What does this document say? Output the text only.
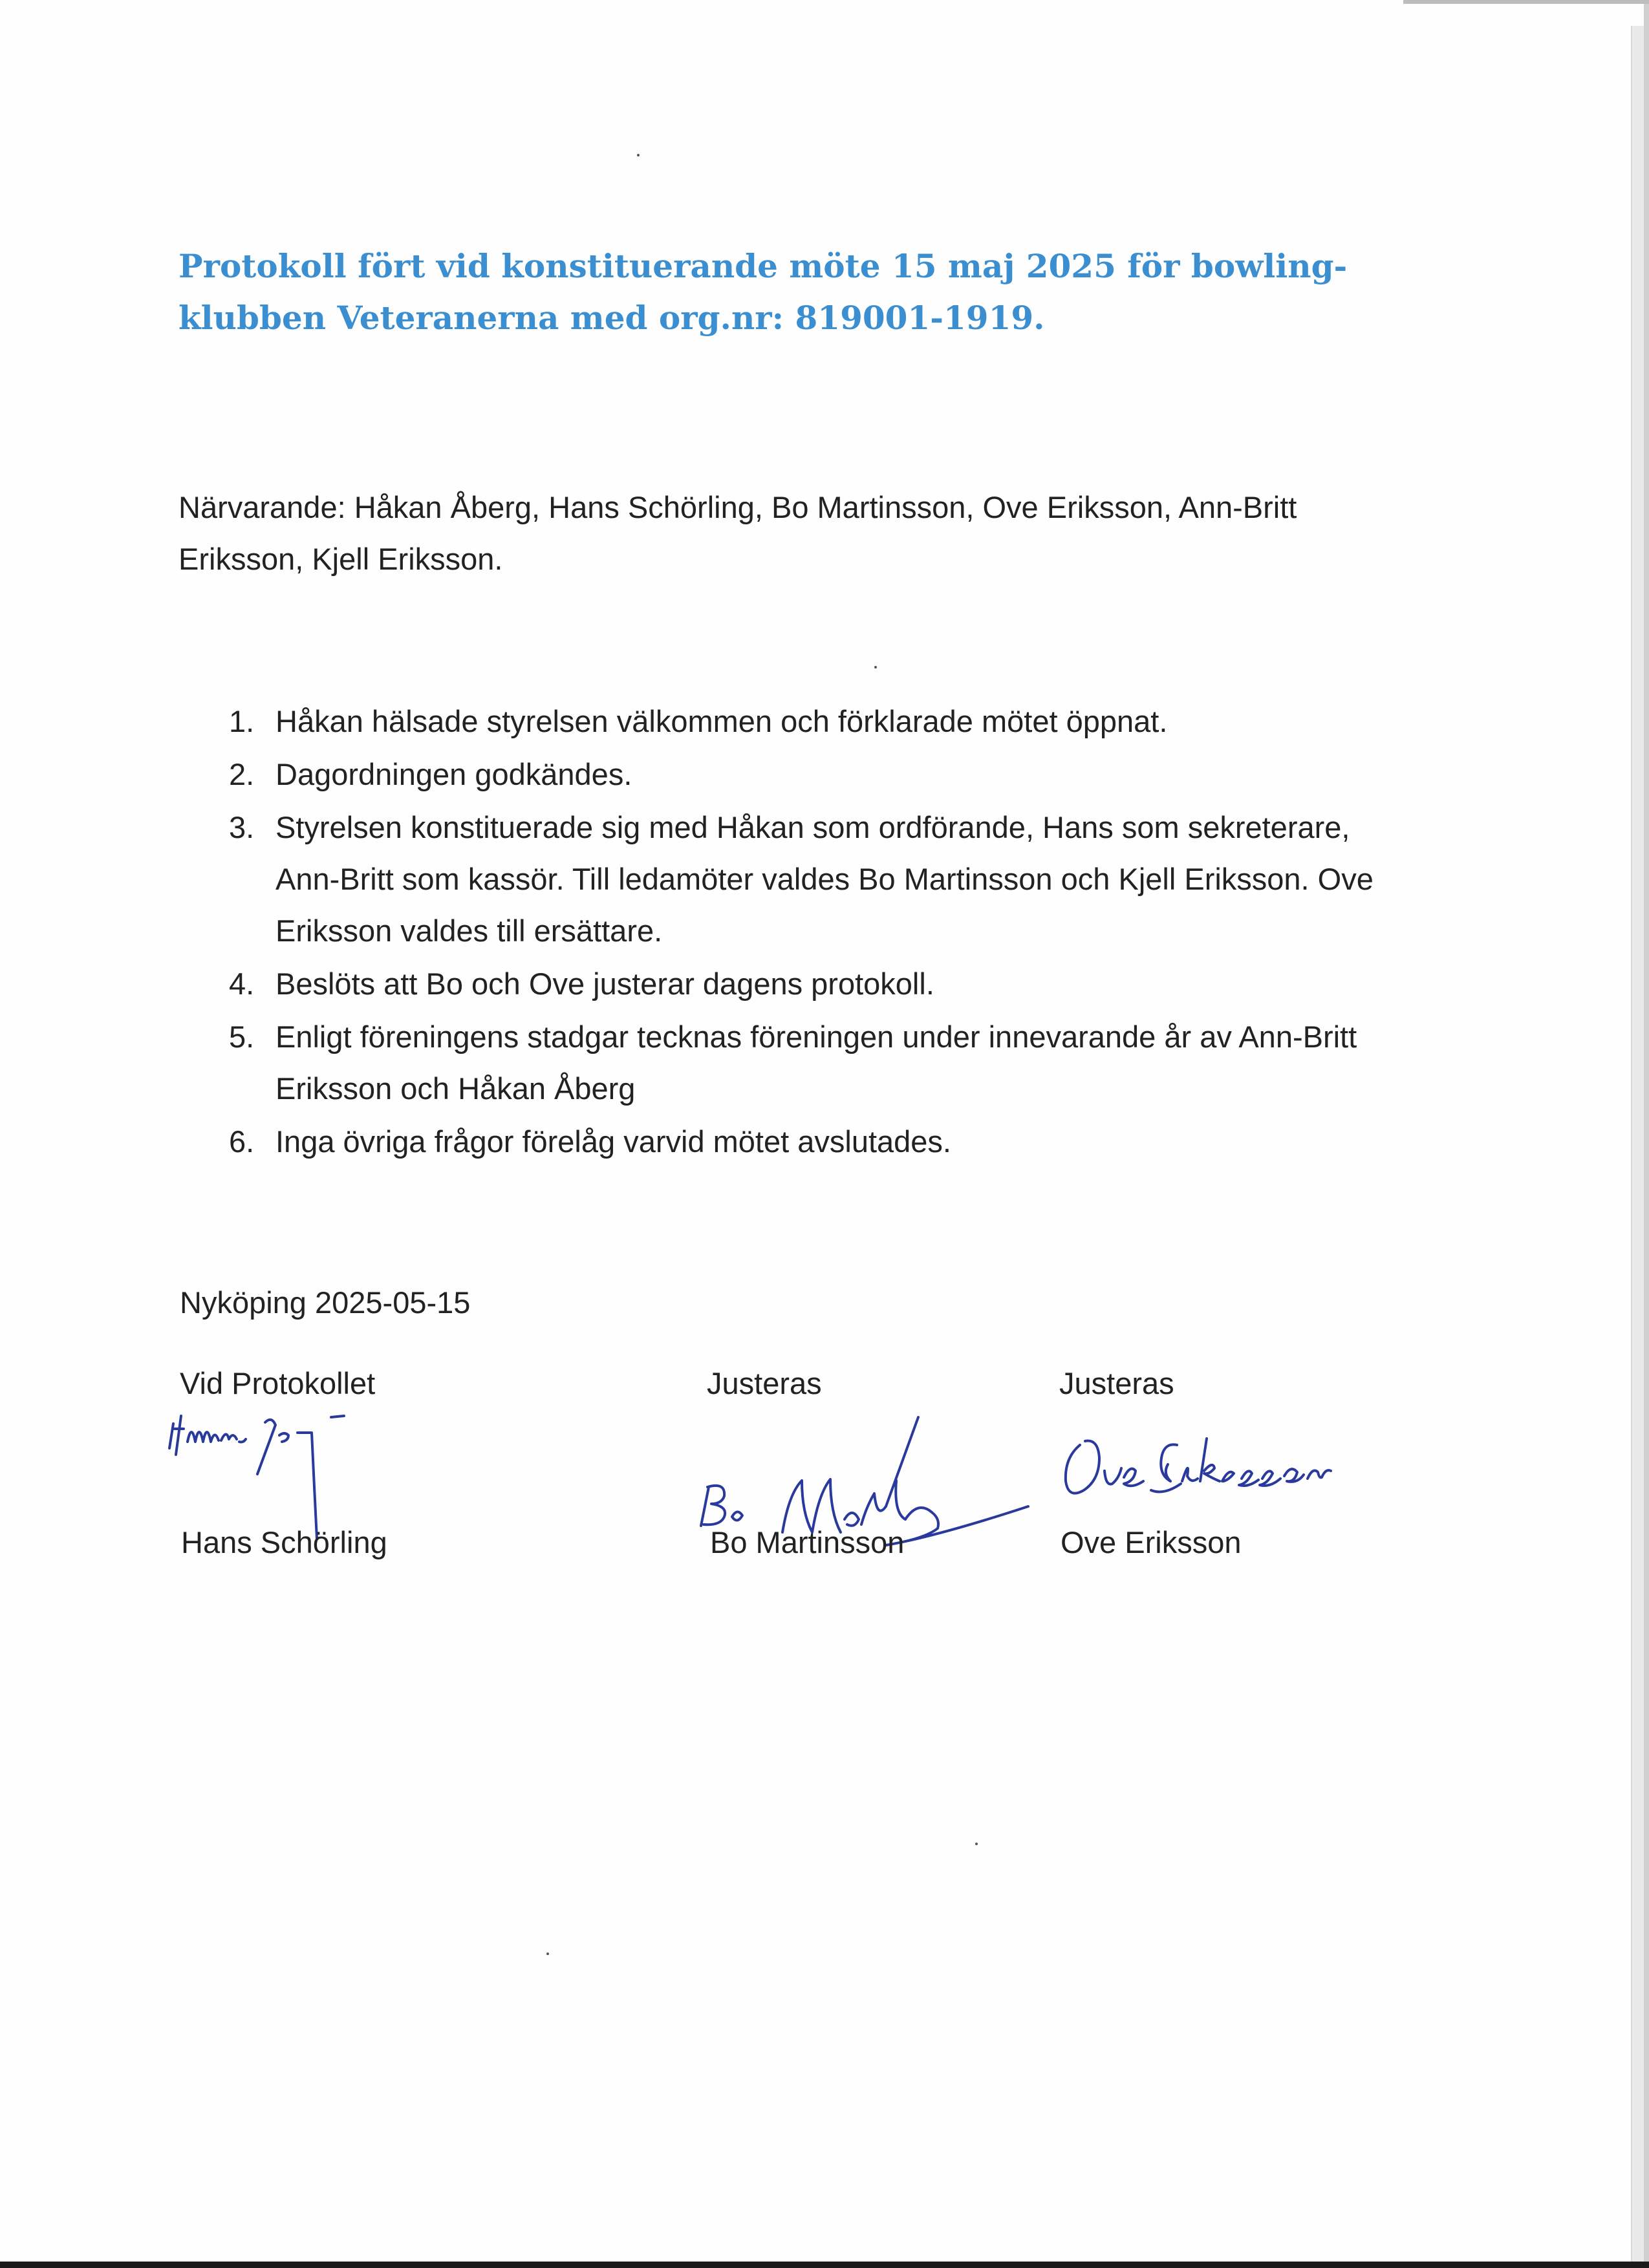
Protokoll fört vid konstituerande möte 15 maj 2025 för bowling-klubben Veteranerna med org.nr: 819001-1919.

Närvarande: Håkan Åberg, Hans Schörling, Bo Martinsson, Ove Eriksson, Ann-Britt Eriksson, Kjell Eriksson.

1. Håkan hälsade styrelsen välkommen och förklarade mötet öppnat.
2. Dagordningen godkändes.
3. Styrelsen konstituerade sig med Håkan som ordförande, Hans som sekreterare, Ann-Britt som kassör. Till ledamöter valdes Bo Martinsson och Kjell Eriksson. Ove Eriksson valdes till ersättare.
4. Beslöts att Bo och Ove justerar dagens protokoll.
5. Enligt föreningens stadgar tecknas föreningen under innevarande år av Ann-Britt Eriksson och Håkan Åberg
6. Inga övriga frågor förelåg varvid mötet avslutades.

Nyköping 2025-05-15

Vid Protokollet	Justeras	Justeras

Hans Schörling	Bo Martinsson	Ove Eriksson
